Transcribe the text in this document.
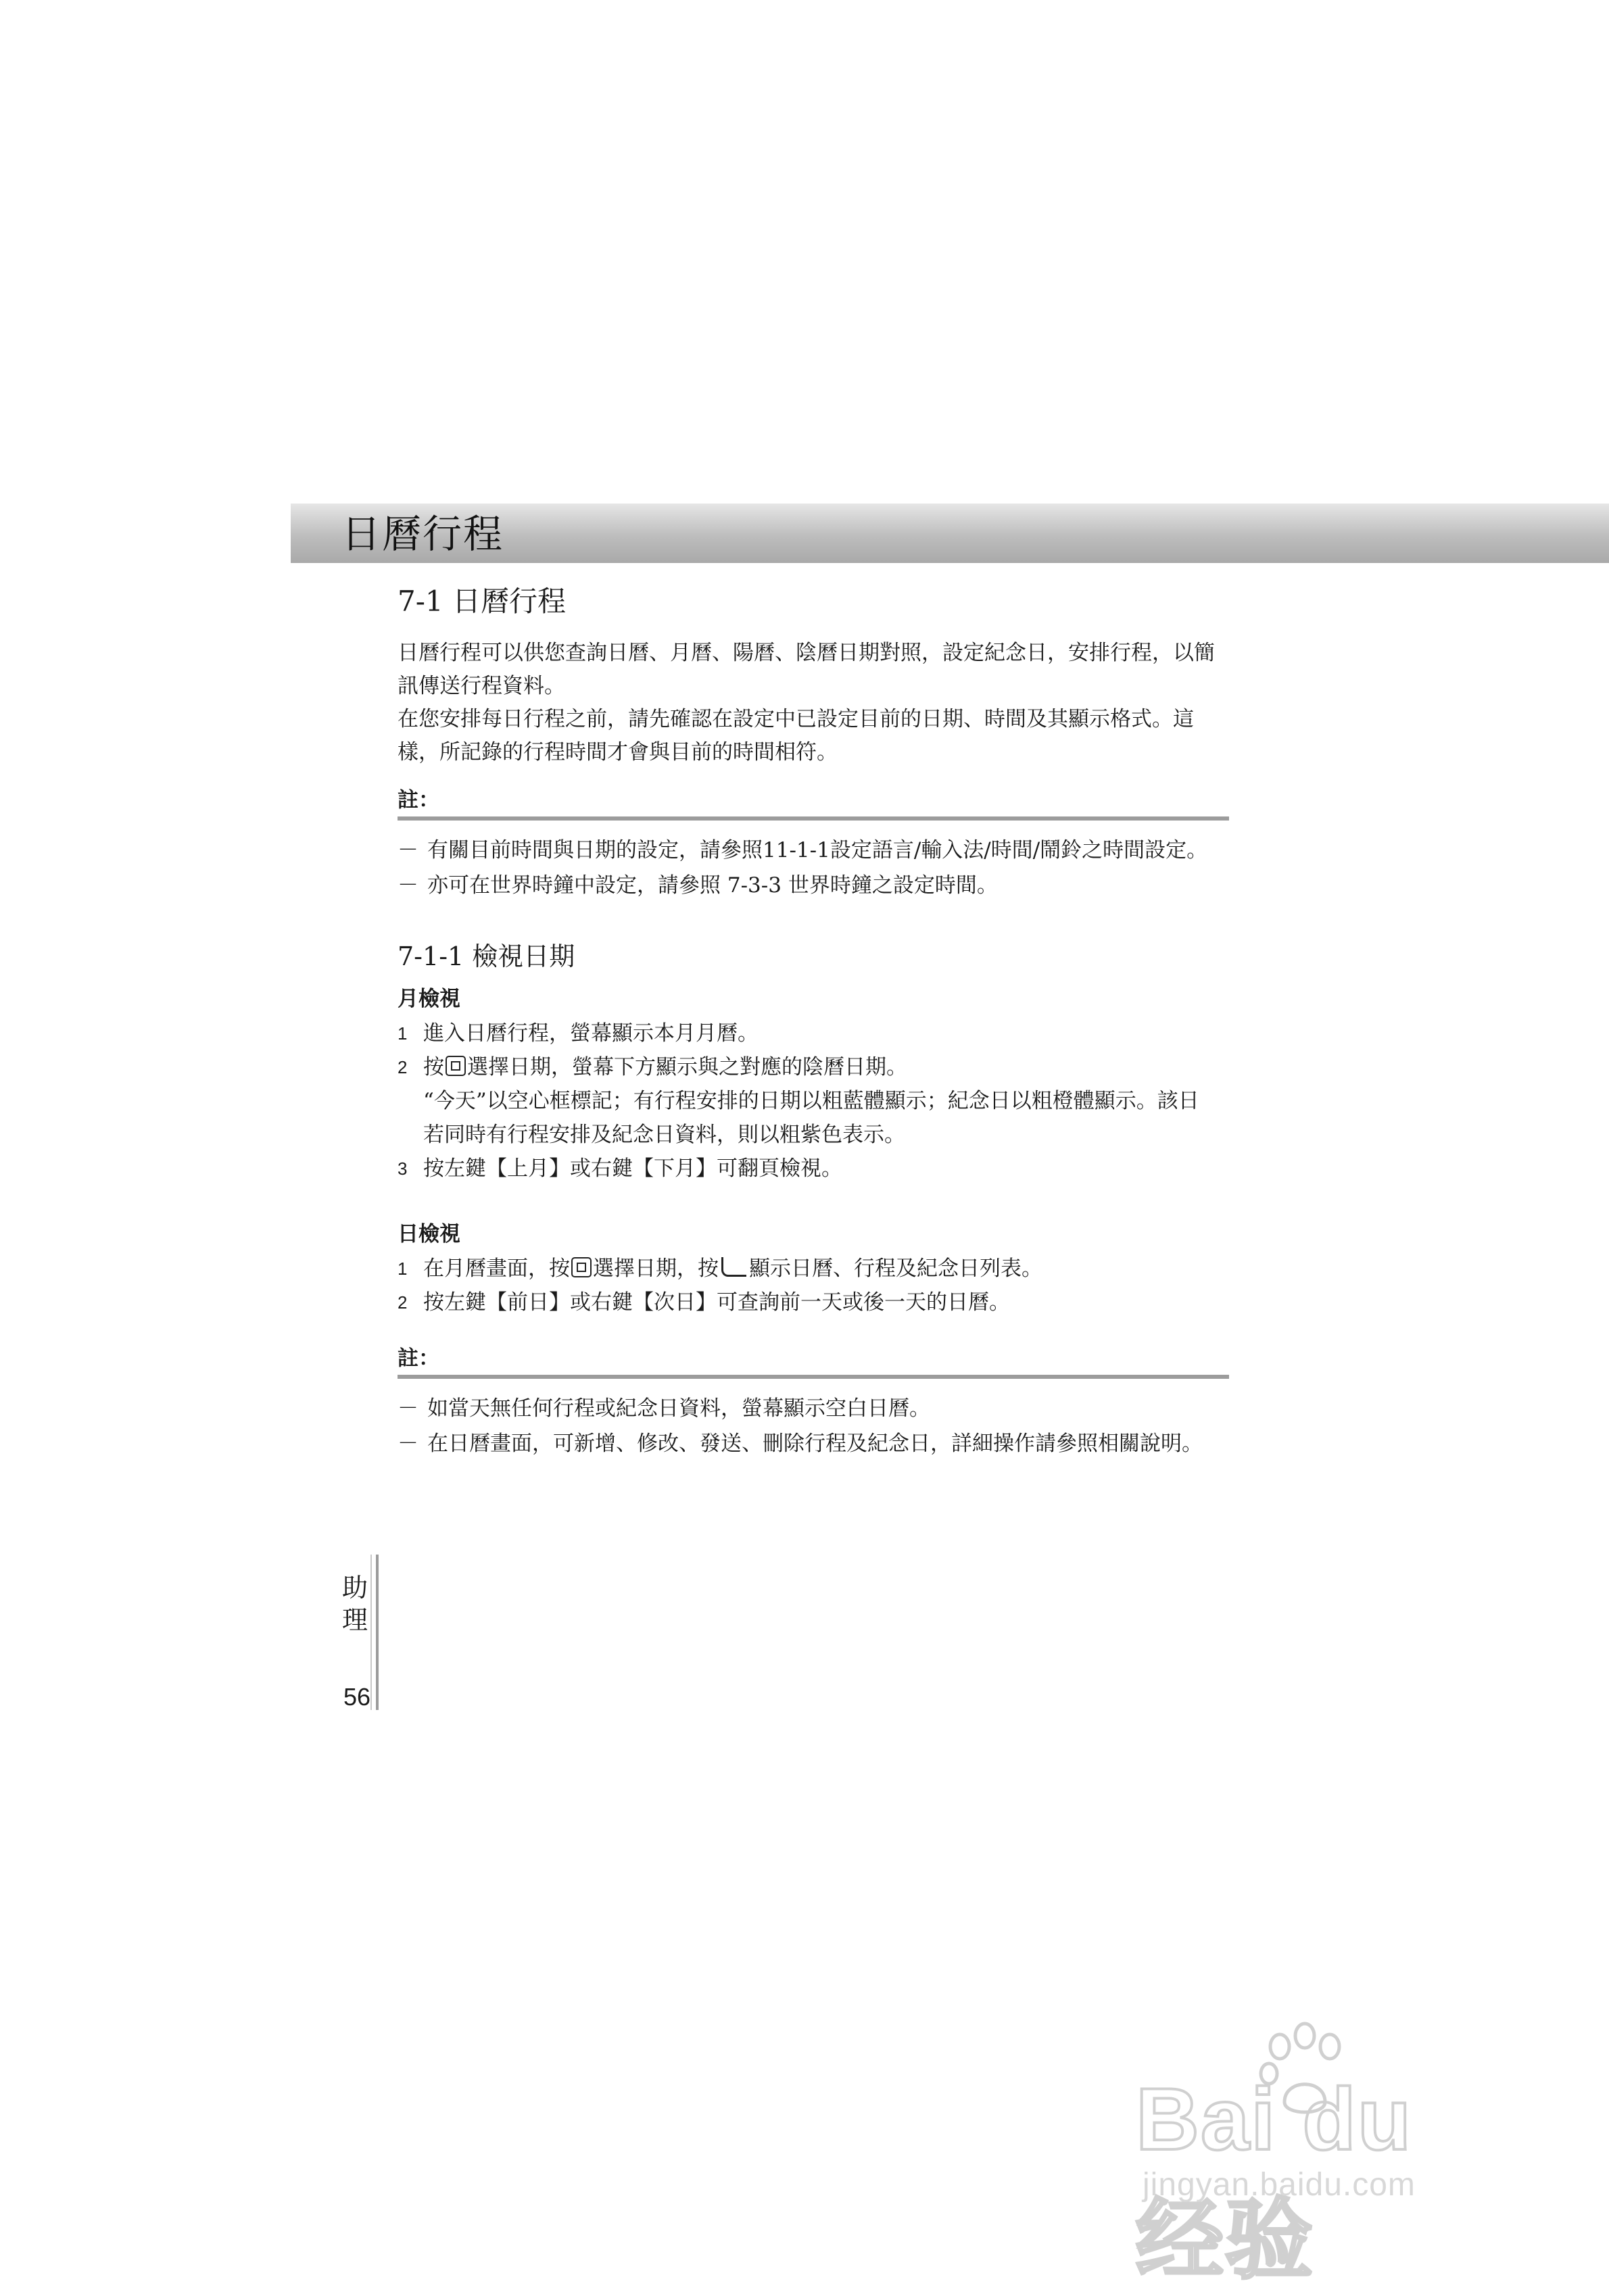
日曆行程
7-1 日曆行程

日曆行程可以供您查詢日曆、月曆、陽曆、陰曆日期對照，設定紀念日，安排行程，以簡

訊傳送行程資料。

在您安排每日行程之前，請先確認在設定中已設定目前的日期、時間及其顯示格式。這

樣，所記錄的行程時間才會與目前的時間相符。

註：
－ 有關目前時間與日期的設定，請參照11-1-1設定語言/輸入法/時間/鬧鈴之時間設定。
－ 亦可在世界時鐘中設定，請參照 7-3-3 世界時鐘之設定時間。
7-1-1 檢視日期
月檢視
1 進入日曆行程，螢幕顯示本月月曆。
2 按 選擇日期，螢幕下方顯示與之對應的陰曆日期。
“今天”以空心框標記；有行程安排的日期以粗藍體顯示；紀念日以粗橙體顯示。該日
若同時有行程安排及紀念日資料，則以粗紫色表示。
3 按左鍵【上月】或右鍵【下月】可翻頁檢視。
日檢視
1 在月曆畫面，按 選擇日期，按 顯示日曆、行程及紀念日列表。
2 按左鍵【前日】或右鍵【次日】可查詢前一天或後一天的日曆。
註：
－ 如當天無任何行程或紀念日資料，螢幕顯示空白日曆。
－ 在日曆畫面，可新增、修改、發送、刪除行程及紀念日，詳細操作請參照相關說明。
助理
56
Bai du 经验
jingyan.baidu.com
